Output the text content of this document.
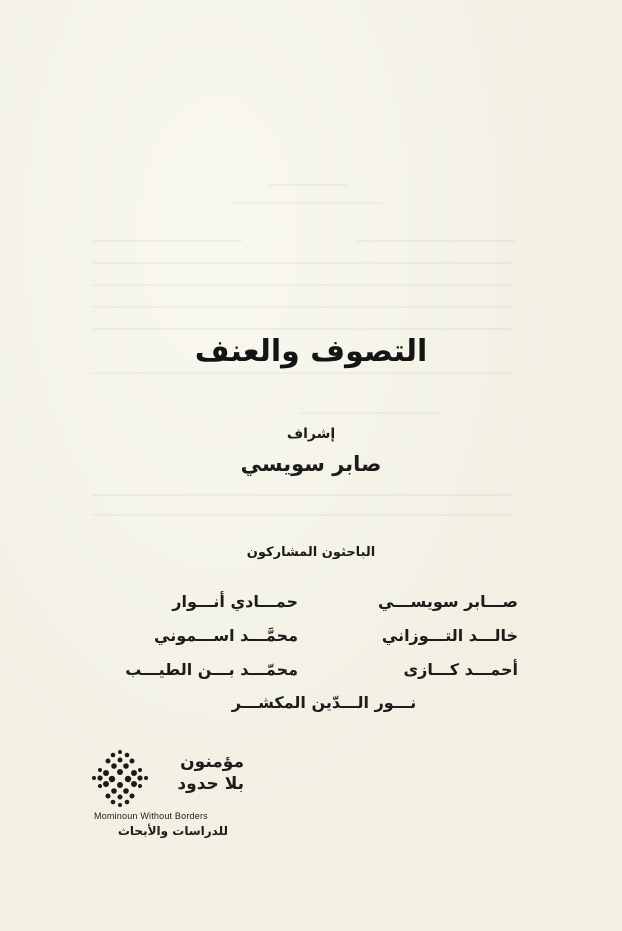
التصوف والعنف
إشراف
صابر سويسي
الباحثون المشاركون
صـــابر سويســـي
حمـــادي أنـــوار
خالـــد التـــوزاني
محمَّـــد اســـموني
أحمـــد كـــازى
محمّـــد بـــن الطيـــب
نـــور الـــدّين المكشـــر
مؤمنون
بلا حدود
Mominoun Without Borders
للدراسات والأبحاث
